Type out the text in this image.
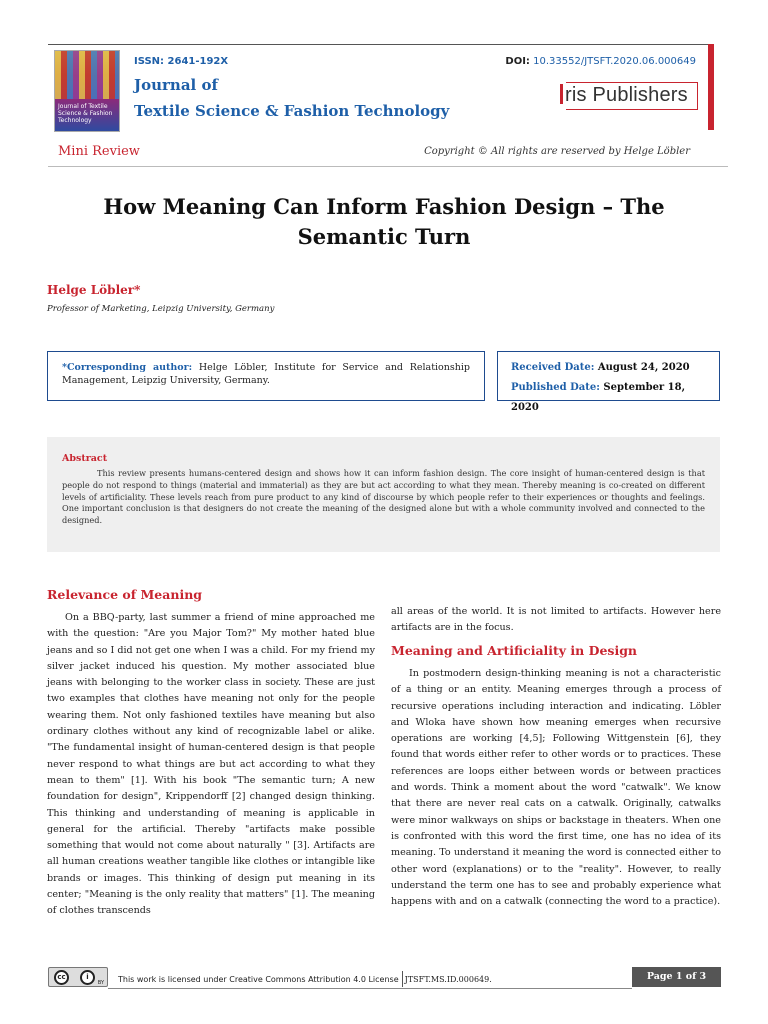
Journal of Textile Science & Fashion Technology
ISSN: 2641-192X
Journal of
Textile Science & Fashion Technology
DOI: 10.33552/JTSFT.2020.06.000649
ris Publishers
Mini Review	Copyright © All rights are reserved by Helge Löbler
How Meaning Can Inform Fashion Design – The Semantic Turn
Helge Löbler*
Professor of Marketing, Leipzig University, Germany
*Corresponding author: Helge Löbler, Institute for Service and Relationship Management, Leipzig University, Germany.
Received Date: August 24, 2020
Published Date: September 18, 2020
Abstract

This review presents humans-centered design and shows how it can inform fashion design. The core insight of human-centered design is that people do not respond to things (material and immaterial) as they are but act according to what they mean. Thereby meaning is co-created on different levels of artificiality. These levels reach from pure product to any kind of discourse by which people refer to their experiences or thoughts and feelings. One important conclusion is that designers do not create the meaning of the designed alone but with a whole community involved and connected to the designed.

Relevance of Meaning

On a BBQ-party, last summer a friend of mine approached me with the question: "Are you Major Tom?" My mother hated blue jeans and so I did not get one when I was a child. For my friend my silver jacket induced his question. My mother associated blue jeans with belonging to the worker class in society. These are just two examples that clothes have meaning not only for the people wearing them. Not only fashioned textiles have meaning but also ordinary clothes without any kind of recognizable label or alike. "The fundamental insight of human-centered design is that people never respond to what things are but act according to what they mean to them" [1]. With his book "The semantic turn; A new foundation for design", Krippendorff [2] changed design thinking. This thinking and understanding of meaning is applicable in general for the artificial. Thereby "artifacts make possible something that would not come about naturally " [3]. Artifacts are all human creations weather tangible like clothes or intangible like brands or images. This thinking of design put meaning in its center; "Meaning is the only reality that matters" [1]. The meaning of clothes transcends

all areas of the world. It is not limited to artifacts. However here artifacts are in the focus.

Meaning and Artificiality in Design

In postmodern design-thinking meaning is not a characteristic of a thing or an entity. Meaning emerges through a process of recursive operations including interaction and indicating. Löbler and Wloka have shown how meaning emerges when recursive operations are working [4,5]; Following Wittgenstein [6], they found that words either refer to other words or to practices. These references are loops either between words or between practices and words. Think a moment about the word "catwalk". We know that there are never real cats on a catwalk. Originally, catwalks were minor walkways on ships or backstage in theaters. When one is confronted with this word the first time, one has no idea of its meaning. To understand it meaning the word is connected either to other word (explanations) or to the "reality". However, to really understand the term one has to see and probably experience what happens with and on a catwalk (connecting the word to a practice).

cc	i
BY This work is licensed under Creative Commons Attribution 4.0 License JTSFT.MS.ID.000649.	Page 1 of 3
